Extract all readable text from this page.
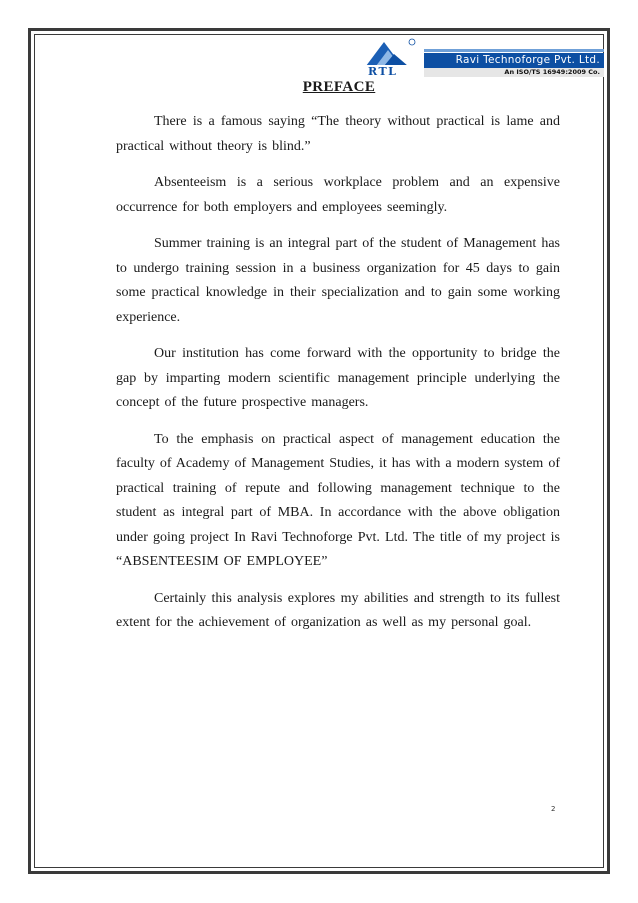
RTL
Ravi Technoforge Pvt. Ltd.
An ISO/TS 16949:2009 Co.
PREFACE

There is a famous saying “The theory without practical is lame and practical without theory is blind.”

Absenteeism is a serious workplace problem and an expensive occurrence for both employers and employees seemingly.

Summer training is an integral part of the student of Management has to undergo training session in a business organization for 45 days to gain some practical knowledge in their specialization and to gain some working experience.

Our institution has come forward with the opportunity to bridge the gap by imparting modern scientific management principle underlying the concept of the future prospective managers.

To the emphasis on practical aspect of management education the faculty of Academy of Management Studies, it has with a modern system of practical training of repute and following management technique to the student as integral part of MBA. In accordance with the above obligation under going project In Ravi Technoforge Pvt. Ltd. The title of my project is “ABSENTEESIM OF EMPLOYEE”

Certainly this analysis explores my abilities and strength to its fullest extent for the achievement of organization as well as my personal goal.

2
